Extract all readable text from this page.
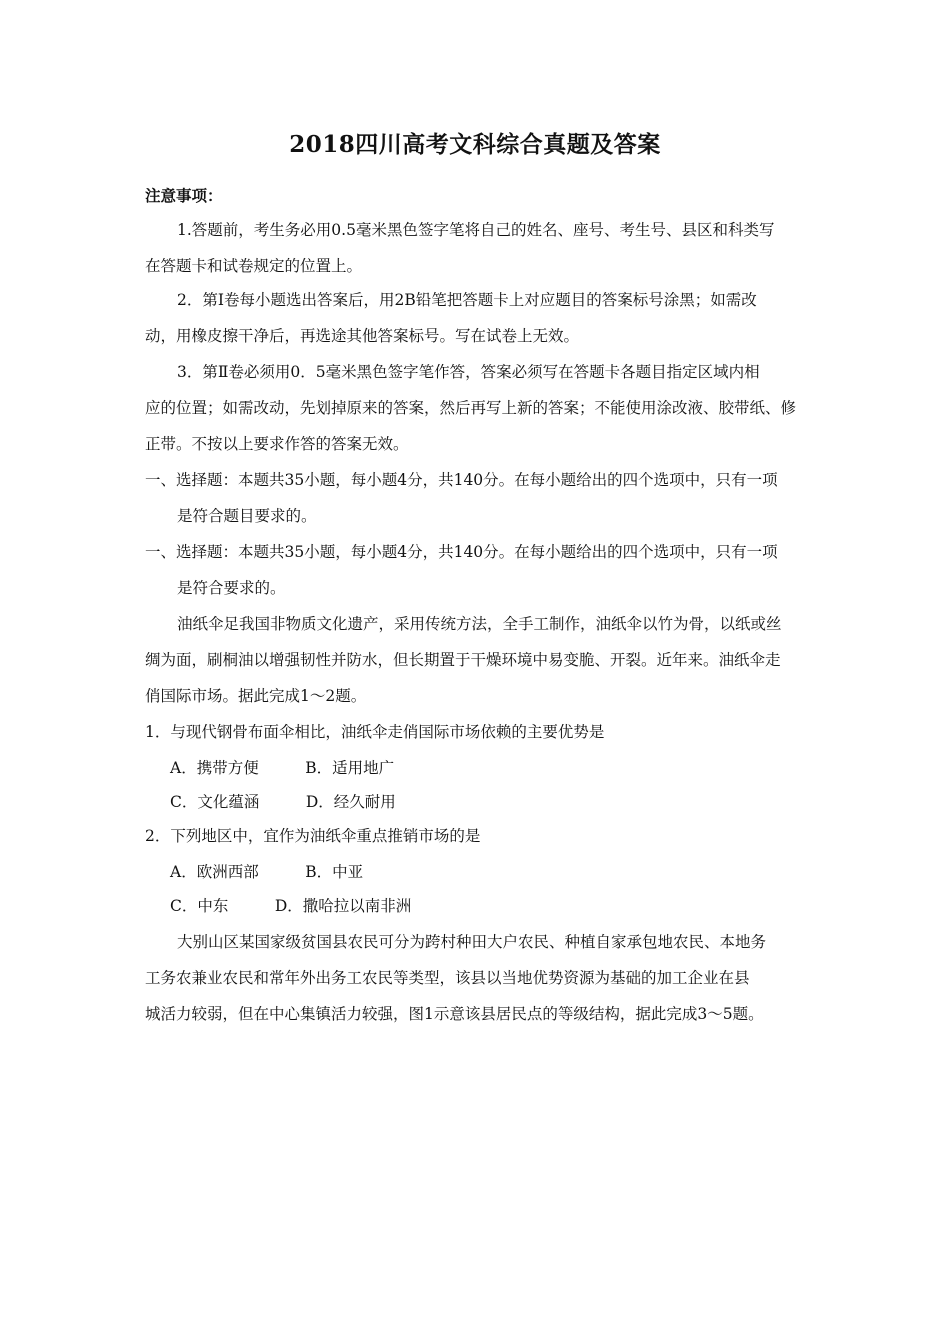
2018四川高考文科综合真题及答案
注意事项：
1.答题前，考生务必用0.5毫米黑色签字笔将自己的姓名、座号、考生号、县区和科类写
在答题卡和试卷规定的位置上。
2．第Ⅰ卷每小题选出答案后，用2B铅笔把答题卡上对应题目的答案标号涂黑；如需改
动，用橡皮擦干净后，再选途其他答案标号。写在试卷上无效。
3．第Ⅱ卷必须用0．5毫米黑色签字笔作答，答案必须写在答题卡各题目指定区域内相
应的位置；如需改动，先划掉原来的答案，然后再写上新的答案；不能使用涂改液、胶带纸、修
正带。不按以上要求作答的答案无效。
一、选择题：本题共35小题，每小题4分，共140分。在每小题给出的四个选项中，只有一项
是符合题目要求的。
一、选择题：本题共35小题，每小题4分，共140分。在每小题给出的四个选项中，只有一项
是符合要求的。
油纸伞足我国非物质文化遗产，采用传统方法，全手工制作，油纸伞以竹为骨，以纸或丝
绸为面，刷桐油以增强韧性并防水，但长期置于干燥环境中易变脆、开裂。近年来。油纸伞走
俏国际市场。据此完成1～2题。
1．与现代钢骨布面伞相比，油纸伞走俏国际市场依赖的主要优势是
A．携带方便　　　B．适用地广
C．文化蕴涵　　　D．经久耐用
2．下列地区中，宜作为油纸伞重点推销市场的是
A．欧洲西部　　　B．中亚
C．中东　　　D．撒哈拉以南非洲
大别山区某国家级贫国县农民可分为跨村种田大户农民、种植自家承包地农民、本地务
工务农兼业农民和常年外出务工农民等类型，该县以当地优势资源为基础的加工企业在县
城活力较弱，但在中心集镇活力较强，图1示意该县居民点的等级结构，据此完成3～5题。
